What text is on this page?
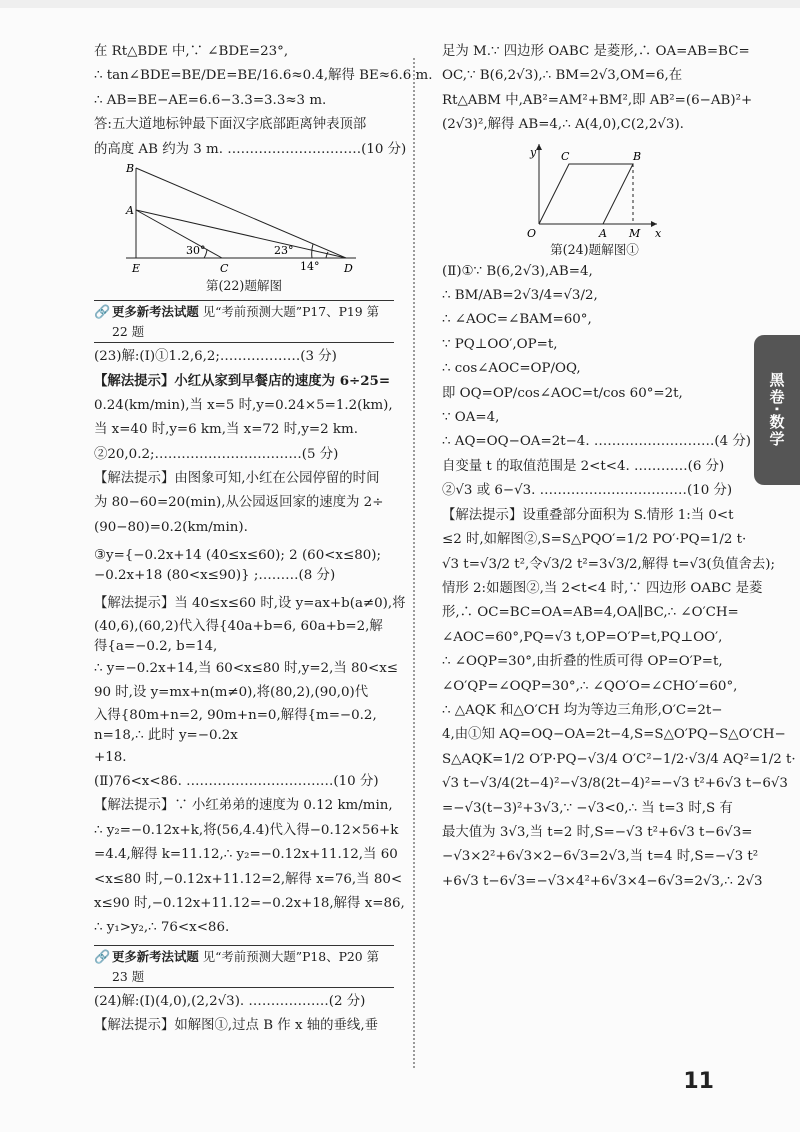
在 Rt△BDE 中,∵ ∠BDE=23°,
∴ tan∠BDE=BE/DE=BE/16.6≈0.4,解得 BE≈6.6 m.
∴ AB=BE−AE=6.6−3.3=3.3≈3 m.
答:五大道地标钟最下面汉字底部距离钟表顶部
的高度 AB 约为 3 m. …………………………(10 分)
B
A
E	C	D
30°	23°
14°
第(22)题解图
🔗 更多新考法试题 见“考前预测大题”P17、P19 第
22 题
(23)解:(Ⅰ)①1.2,6,2;………………(3 分)
【解法提示】小红从家到早餐店的速度为 6÷25=
0.24(km/min),当 x=5 时,y=0.24×5=1.2(km),
当 x=40 时,y=6 km,当 x=72 时,y=2 km.
②20,0.2;……………………………(5 分)
【解法提示】由图象可知,小红在公园停留的时间
为 80−60=20(min),从公园返回家的速度为 2÷
(90−80)=0.2(km/min).
③y={−0.2x+14 (40≤x≤60); 2 (60<x≤80); −0.2x+18 (80<x≤90)} ;………(8 分)
【解法提示】当 40≤x≤60 时,设 y=ax+b(a≠0),将
(40,6),(60,2)代入得{40a+b=6, 60a+b=2,解得{a=−0.2, b=14,
∴ y=−0.2x+14,当 60<x≤80 时,y=2,当 80<x≤
90 时,设 y=mx+n(m≠0),将(80,2),(90,0)代
入得{80m+n=2, 90m+n=0,解得{m=−0.2, n=18,∴ 此时 y=−0.2x
+18.
(Ⅱ)76<x<86. ……………………………(10 分)
【解法提示】∵ 小红弟弟的速度为 0.12 km/min,
∴ y₂=−0.12x+k,将(56,4.4)代入得−0.12×56+k
=4.4,解得 k=11.12,∴ y₂=−0.12x+11.12,当 60
<x≤80 时,−0.12x+11.12=2,解得 x=76,当 80<
x≤90 时,−0.12x+11.12=−0.2x+18,解得 x=86,
∴ y₁>y₂,∴ 76<x<86.
🔗 更多新考法试题 见“考前预测大题”P18、P20 第
23 题
(24)解:(Ⅰ)(4,0),(2,2√3). ………………(2 分)
【解法提示】如解图①,过点 B 作 x 轴的垂线,垂
足为 M.∵ 四边形 OABC 是菱形,∴ OA=AB=BC=
OC,∵ B(6,2√3),∴ BM=2√3,OM=6,在
Rt△ABM 中,AB²=AM²+BM²,即 AB²=(6−AB)²+
(2√3)²,解得 AB=4,∴ A(4,0),C(2,2√3).
y
x
O	A M
B
C
第(24)题解图①
(Ⅱ)①∵ B(6,2√3),AB=4,
∴ BM/AB=2√3/4=√3/2,
∴ ∠AOC=∠BAM=60°,
∵ PQ⊥OO′,OP=t,
∴ cos∠AOC=OP/OQ,
即 OQ=OP/cos∠AOC=t/cos 60°=2t,
∵ OA=4,
∴ AQ=OQ−OA=2t−4. ………………………(4 分)
自变量 t 的取值范围是 2<t<4. …………(6 分)
②√3 或 6−√3. ……………………………(10 分)
【解法提示】设重叠部分面积为 S.情形 1:当 0<t
≤2 时,如解图②,S=S△PQO′=1/2 PO′·PQ=1/2 t·
√3 t=√3/2 t²,令√3/2 t²=3√3/2,解得 t=√3(负值舍去);
情形 2:如题图②,当 2<t<4 时,∵ 四边形 OABC 是菱
形,∴ OC=BC=OA=AB=4,OA∥BC,∴ ∠O′CH=
∠AOC=60°,PQ=√3 t,OP=O′P=t,PQ⊥OO′,
∴ ∠OQP=30°,由折叠的性质可得 OP=O′P=t,
∠O′QP=∠OQP=30°,∴ ∠QO′O=∠CHO′=60°,
∴ △AQK 和△O′CH 均为等边三角形,O′C=2t−
4,由①知 AQ=OQ−OA=2t−4,S=S△O′PQ−S△O′CH−
S△AQK=1/2 O′P·PQ−√3/4 O′C²−1/2·√3/4 AQ²=1/2 t·
√3 t−√3/4(2t−4)²−√3/8(2t−4)²=−√3 t²+6√3 t−6√3
=−√3(t−3)²+3√3,∵ −√3<0,∴ 当 t=3 时,S 有
最大值为 3√3,当 t=2 时,S=−√3 t²+6√3 t−6√3=
−√3×2²+6√3×2−6√3=2√3,当 t=4 时,S=−√3 t²
+6√3 t−6√3=−√3×4²+6√3×4−6√3=2√3,∴ 2√3
黑卷·数学
11
